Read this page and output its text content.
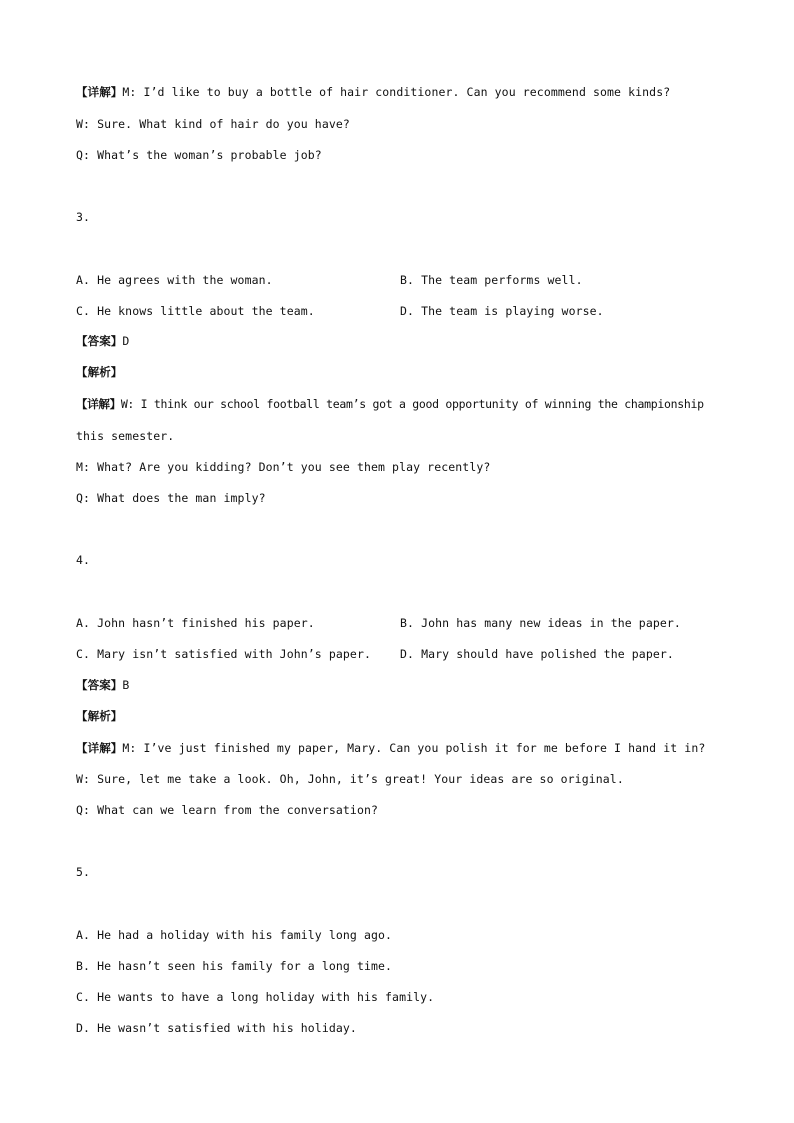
【详解】M: I’d like to buy a bottle of hair conditioner. Can you recommend some kinds?
W: Sure. What kind of hair do you have?
Q: What’s the woman’s probable job?
3.
A. He agrees with the woman.	B. The team performs well.
C. He knows little about the team.	D. The team is playing worse.
【答案】D
【解析】
【详解】W: I think our school football team’s got a good opportunity of winning the championship
this semester.
M: What? Are you kidding? Don’t you see them play recently?
Q: What does the man imply?
4.
A. John hasn’t finished his paper.	B. John has many new ideas in the paper.
C. Mary isn’t satisfied with John’s paper.	D. Mary should have polished the paper.
【答案】B
【解析】
【详解】M: I’ve just finished my paper, Mary. Can you polish it for me before I hand it in?
W: Sure, let me take a look. Oh, John, it’s great! Your ideas are so original.
Q: What can we learn from the conversation?
5.
A. He had a holiday with his family long ago.
B. He hasn’t seen his family for a long time.
C. He wants to have a long holiday with his family.
D. He wasn’t satisfied with his holiday.
